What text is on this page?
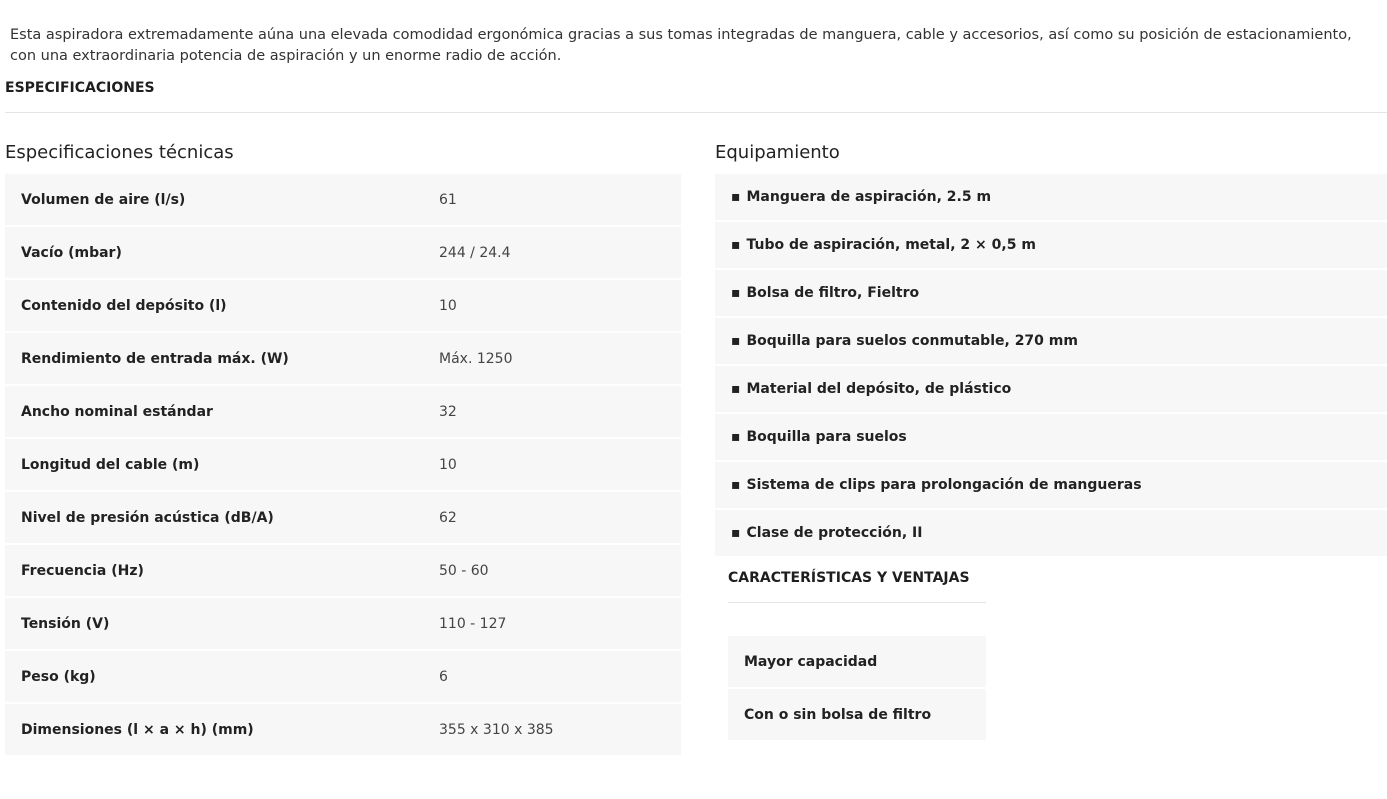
Esta aspiradora extremadamente aúna una elevada comodidad ergonómica gracias a sus tomas integradas de manguera, cable y accesorios, así como su posición de estacionamiento, con una extraordinaria potencia de aspiración y un enorme radio de acción.

ESPECIFICACIONES
Especificaciones técnicas
Volumen de aire (l/s)	61
Vacío (mbar)	244 / 24.4
Contenido del depósito (l)	10
Rendimiento de entrada máx. (W)	Máx. 1250
Ancho nominal estándar	32
Longitud del cable (m)	10
Nivel de presión acústica (dB/A)	62
Frecuencia (Hz)	50 - 60
Tensión (V)	110 - 127
Peso (kg)	6
Dimensiones (l × a × h) (mm)	355 x 310 x 385
Equipamiento
▪ Manguera de aspiración, 2.5 m
▪ Tubo de aspiración, metal, 2 × 0,5 m
▪ Bolsa de filtro, Fieltro
▪ Boquilla para suelos conmutable, 270 mm
▪ Material del depósito, de plástico
▪ Boquilla para suelos
▪ Sistema de clips para prolongación de mangueras
▪ Clase de protección, II
CARACTERÍSTICAS Y VENTAJAS
Mayor capacidad
Con o sin bolsa de filtro
